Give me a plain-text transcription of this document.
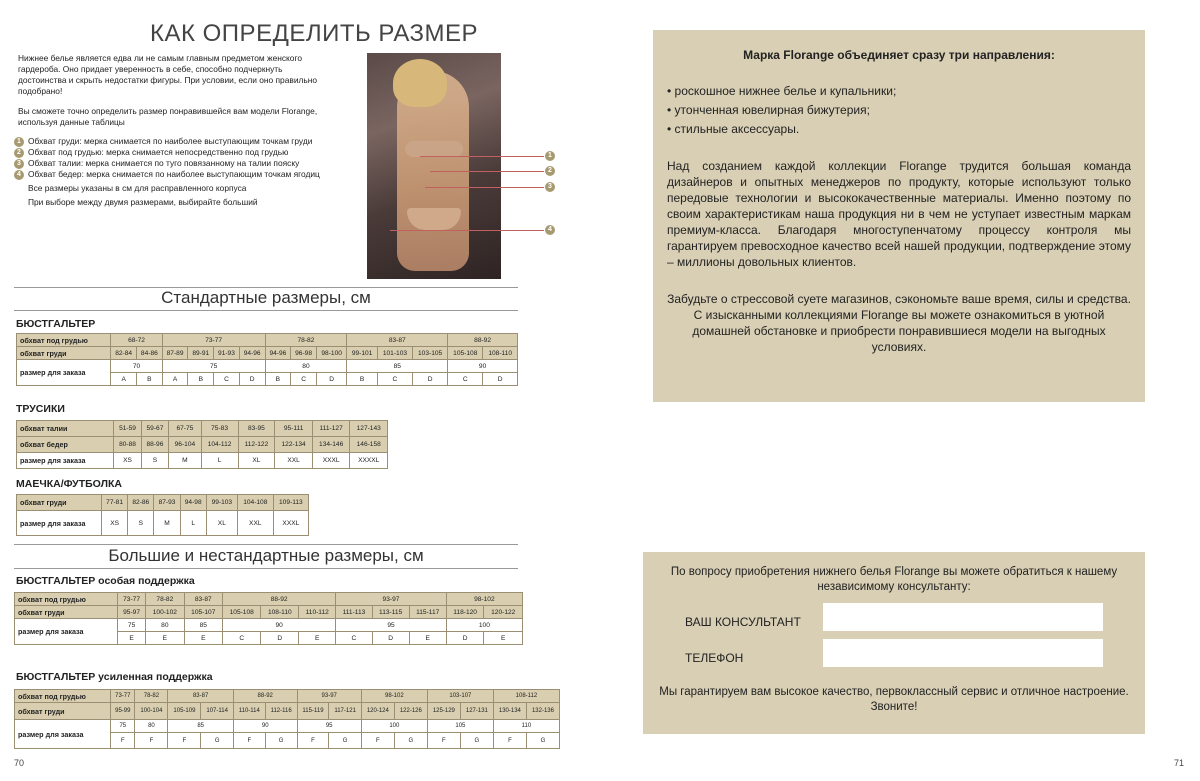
КАК ОПРЕДЕЛИТЬ РАЗМЕР

Нижнее белье является едва ли не самым главным предметом женского гардероба. Оно придает уверенность в себе, способно подчеркнуть достоинства и скрыть недостатки фигуры. При условии, если оно правильно подобрано!

Вы сможете точно определить размер понравившейся вам модели Florange, используя данные таблицы

1 Обхват груди: мерка снимается по наиболее выступающим точкам груди
2 Обхват под грудью: мерка снимается непосредственно под грудью
3 Обхват талии: мерка снимается по туго повязанному на талии пояску
4 Обхват бедер: мерка снимается по наиболее выступающим точкам ягодиц
Все размеры указаны в см для расправленного корпуса
При выборе между двумя размерами, выбирайте больший
1
2
3
4
Стандартные размеры, см
БЮСТГАЛЬТЕР
обхват под грудью	68-72		73-77				78-82			83-87			88-92	
обхват груди	82-84	84-86	87-89	89-91	91-93	94-96	94-96	96-98	98-100	99-101	101-103	103-105	105-108	108-110
размер для заказа	70		75				80			85			90	
	A	B	A	B	C	D	B	C	D	B	C	D	C	D
ТРУСИКИ
обхват талии	51-59	59-67	67-75	75-83	83-95	95-111	111-127	127-143
обхват бедер	80-88	88-96	96-104	104-112	112-122	122-134	134-146	146-158
размер для заказа	XS	S	M	L	XL	XXL	XXXL	XXXXL
МАЕЧКА/ФУТБОЛКА
обхват груди	77-81	82-86	87-93	94-98	99-103	104-108	109-113
размер для заказа	XS	S	M	L	XL	XXL	XXXL
Большие и нестандартные размеры, см
БЮСТГАЛЬТЕР особая поддержка
обхват под грудью	73-77	78-82	83-87	88-92			93-97			98-102	
обхват груди	95-97	100-102	105-107	105-108	108-110	110-112	111-113	113-115	115-117	118-120	120-122
размер для заказа	75	80	85	90			95			100	
	E	E	E	C	D	E	C	D	E	D	E
БЮСТГАЛЬТЕР усиленная поддержка
обхват под грудью	73-77	78-82	83-87		88-92		93-97		98-102		103-107		108-112	
обхват груди	95-99	100-104	105-109	107-114	110-114	112-116	115-119	117-121	120-124	122-126	125-129	127-131	130-134	132-136
размер для заказа	75	80	85		90		95		100		105		110	
	F	F	F	G	F	G	F	G	F	G	F	G	F	G
70
Марка Florange объединяет сразу три направления:
• роскошное нижнее белье и купальники;
• утонченная ювелирная бижутерия;
• стильные аксессуары.
Над созданием каждой коллекции Florange трудится большая команда дизайнеров и опытных менеджеров по продукту, которые используют только передовые технологии и высококачественные материалы. Именно поэтому по своим характеристикам наша продукция ни в чем не уступает известным маркам премиум-класса. Благодаря многоступенчатому процессу контроля мы гарантируем превосходное качество всей нашей продукции, подтверждение этому – миллионы довольных клиентов.
Забудьте о стрессовой суете магазинов, сэкономьте ваше время, силы и средства. С изысканными коллекциями Florange вы можете ознакомиться в уютной домашней обстановке и приобрести понравившиеся модели на выгодных условиях.
По вопросу приобретения нижнего белья Florange вы можете обратиться к нашему независимому консультанту:
ВАШ КОНСУЛЬТАНТ
ТЕЛЕФОН
Мы гарантируем вам высокое качество, первоклассный сервис и отличное настроение. Звоните!
71
